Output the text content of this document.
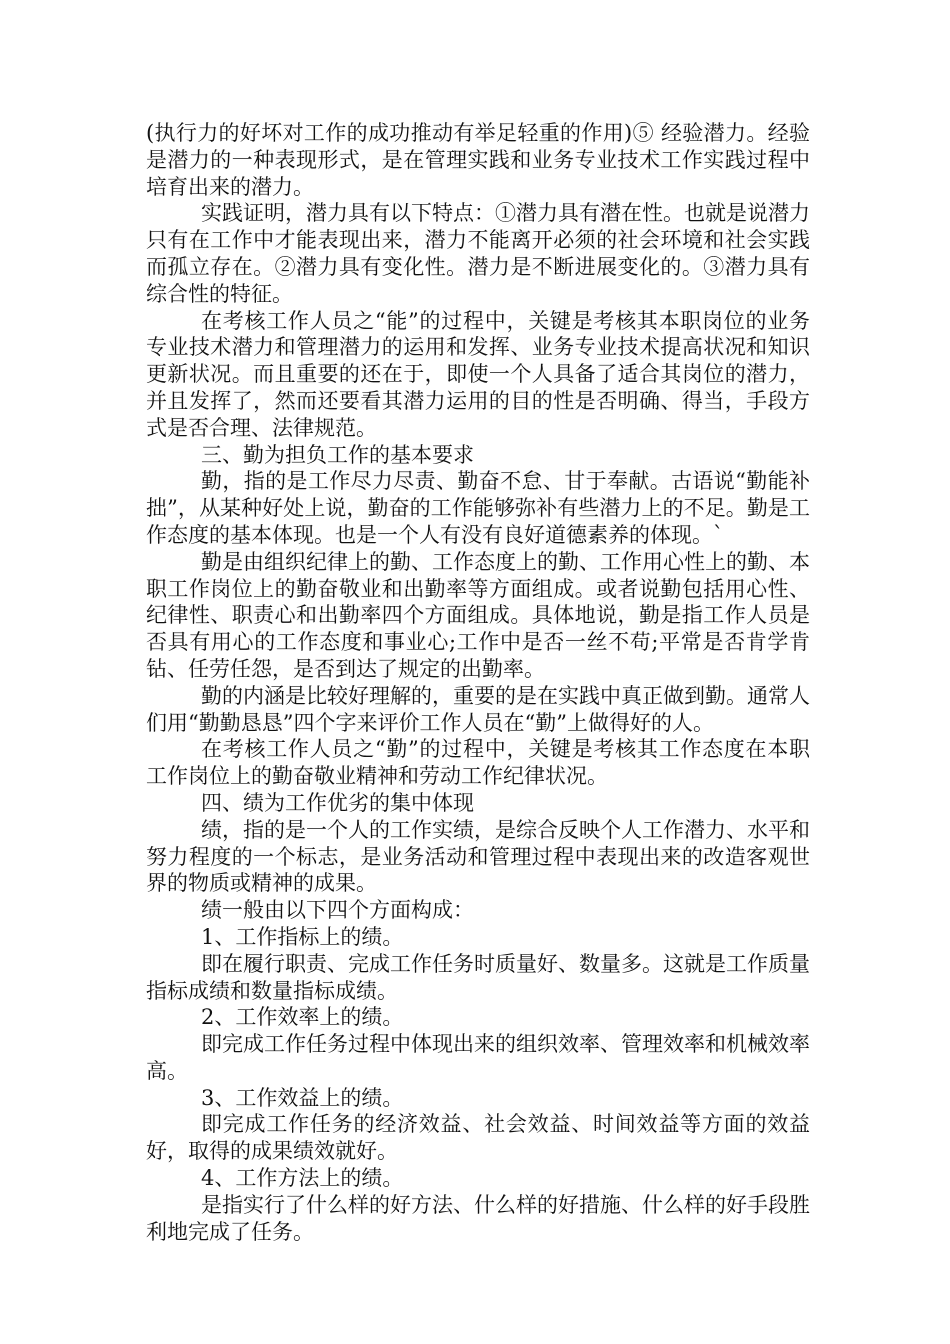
(执行力的好坏对工作的成功推动有举足轻重的作用)⑤ 经验潜力。经验是潜力的一种表现形式，是在管理实践和业务专业技术工作实践过程中培育出来的潜力。

实践证明，潜力具有以下特点：①潜力具有潜在性。也就是说潜力只有在工作中才能表现出来，潜力不能离开必须的社会环境和社会实践而孤立存在。②潜力具有变化性。潜力是不断进展变化的。③潜力具有综合性的特征。

在考核工作人员之“能”的过程中，关键是考核其本职岗位的业务专业技术潜力和管理潜力的运用和发挥、业务专业技术提高状况和知识更新状况。而且重要的还在于，即使一个人具备了适合其岗位的潜力，并且发挥了，然而还要看其潜力运用的目的性是否明确、得当，手段方式是否合理、法律规范。

三、勤为担负工作的基本要求

勤，指的是工作尽力尽责、勤奋不怠、甘于奉献。古语说“勤能补拙”，从某种好处上说，勤奋的工作能够弥补有些潜力上的不足。勤是工作态度的基本体现。也是一个人有没有良好道德素养的体现。`

勤是由组织纪律上的勤、工作态度上的勤、工作用心性上的勤、本职工作岗位上的勤奋敬业和出勤率等方面组成。或者说勤包括用心性、纪律性、职责心和出勤率四个方面组成。具体地说，勤是指工作人员是否具有用心的工作态度和事业心;工作中是否一丝不苟;平常是否肯学肯钻、任劳任怨，是否到达了规定的出勤率。

勤的内涵是比较好理解的，重要的是在实践中真正做到勤。通常人们用“勤勤恳恳”四个字来评价工作人员在“勤”上做得好的人。

在考核工作人员之“勤”的过程中，关键是考核其工作态度在本职工作岗位上的勤奋敬业精神和劳动工作纪律状况。

四、绩为工作优劣的集中体现

绩，指的是一个人的工作实绩，是综合反映个人工作潜力、水平和努力程度的一个标志，是业务活动和管理过程中表现出来的改造客观世界的物质或精神的成果。

绩一般由以下四个方面构成：

1、工作指标上的绩。

即在履行职责、完成工作任务时质量好、数量多。这就是工作质量指标成绩和数量指标成绩。

2、工作效率上的绩。

即完成工作任务过程中体现出来的组织效率、管理效率和机械效率高。

3、工作效益上的绩。

即完成工作任务的经济效益、社会效益、时间效益等方面的效益好，取得的成果绩效就好。

4、工作方法上的绩。

是指实行了什么样的好方法、什么样的好措施、什么样的好手段胜利地完成了任务。
